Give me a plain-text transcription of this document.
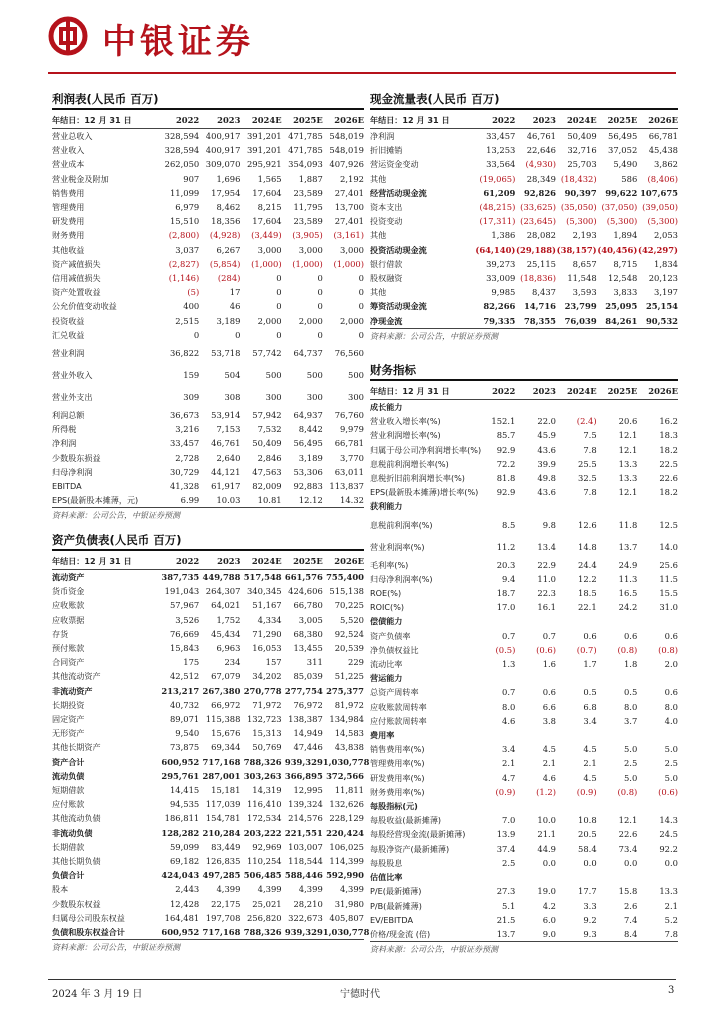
中银证券
利润表(人民币 百万)
年结日：12 月 31 日	2022	2023	2024E	2025E	2026E
营业总收入	328,594	400,917	391,201	471,785	548,019
营业收入	328,594	400,917	391,201	471,785	548,019
营业成本	262,050	309,070	295,921	354,093	407,926
营业税金及附加	907	1,696	1,565	1,887	2,192
销售费用	11,099	17,954	17,604	23,589	27,401
管理费用	6,979	8,462	8,215	11,795	13,700
研发费用	15,510	18,356	17,604	23,589	27,401
财务费用	(2,800)	(4,928)	(3,449)	(3,905)	(3,161)
其他收益	3,037	6,267	3,000	3,000	3,000
资产减值损失	(2,827)	(5,854)	(1,000)	(1,000)	(1,000)
信用减值损失	(1,146)	(284)	0	0	0
资产处置收益	(5)	17	0	0	0
公允价值变动收益	400	46	0	0	0
投资收益	2,515	3,189	2,000	2,000	2,000
汇兑收益	0	0	0	0	0
营业利润	36,822	53,718	57,742	64,737	76,560
营业外收入	159	504	500	500	500
营业外支出	309	308	300	300	300
利润总额	36,673	53,914	57,942	64,937	76,760
所得税	3,216	7,153	7,532	8,442	9,979
净利润	33,457	46,761	50,409	56,495	66,781
少数股东损益	2,728	2,640	2,846	3,189	3,770
归母净利润	30,729	44,121	47,563	53,306	63,011
EBITDA	41,328	61,917	82,009	92,883	113,837
EPS(最新股本摊薄，元)	6.99	10.03	10.81	12.12	14.32
资料来源：公司公告，中银证券预测
资产负债表(人民币 百万)
年结日：12 月 31 日	2022	2023	2024E	2025E	2026E
流动资产	387,735	449,788	517,548	661,576	755,400
货币资金	191,043	264,307	340,345	424,606	515,138
应收账款	57,967	64,021	51,167	66,780	70,225
应收票据	3,526	1,752	4,334	3,005	5,520
存货	76,669	45,434	71,290	68,380	92,524
预付账款	15,843	6,963	16,053	13,455	20,539
合同资产	175	234	157	311	229
其他流动资产	42,512	67,079	34,202	85,039	51,225
非流动资产	213,217	267,380	270,778	277,754	275,377
长期投资	40,732	66,972	71,972	76,972	81,972
固定资产	89,071	115,388	132,723	138,387	134,984
无形资产	9,540	15,676	15,313	14,949	14,583
其他长期资产	73,875	69,344	50,769	47,446	43,838
资产合计	600,952	717,168	788,326	939,329	1,030,778
流动负债	295,761	287,001	303,263	366,895	372,566
短期借款	14,415	15,181	14,319	12,995	11,811
应付账款	94,535	117,039	116,410	139,324	132,626
其他流动负债	186,811	154,781	172,534	214,576	228,129
非流动负债	128,282	210,284	203,222	221,551	220,424
长期借款	59,099	83,449	92,969	103,007	106,025
其他长期负债	69,182	126,835	110,254	118,544	114,399
负债合计	424,043	497,285	506,485	588,446	592,990
股本	2,443	4,399	4,399	4,399	4,399
少数股东权益	12,428	22,175	25,021	28,210	31,980
归属母公司股东权益	164,481	197,708	256,820	322,673	405,807
负债和股东权益合计	600,952	717,168	788,326	939,329	1,030,778
资料来源：公司公告，中银证券预测
现金流量表(人民币 百万)
年结日：12 月 31 日	2022	2023	2024E	2025E	2026E
净利润	33,457	46,761	50,409	56,495	66,781
折旧摊销	13,253	22,646	32,716	37,052	45,438
营运资金变动	33,564	(4,930)	25,703	5,490	3,862
其他	(19,065)	28,349	(18,432)	586	(8,406)
经营活动现金流	61,209	92,826	90,397	99,622	107,675
资本支出	(48,215)	(33,625)	(35,050)	(37,050)	(39,050)
投资变动	(17,311)	(23,645)	(5,300)	(5,300)	(5,300)
其他	1,386	28,082	2,193	1,894	2,053
投资活动现金流	(64,140)	(29,188)	(38,157)	(40,456)	(42,297)
银行借款	39,273	25,115	8,657	8,715	1,834
股权融资	33,009	(18,836)	11,548	12,548	20,123
其他	9,985	8,437	3,593	3,833	3,197
筹资活动现金流	82,266	14,716	23,799	25,095	25,154
净现金流	79,335	78,355	76,039	84,261	90,532
资料来源：公司公告，中银证券预测
财务指标
年结日：12 月 31 日	2022	2023	2024E	2025E	2026E
成长能力					
营业收入增长率(%)	152.1	22.0	(2.4)	20.6	16.2
营业利润增长率(%)	85.7	45.9	7.5	12.1	18.3
归属于母公司净利润增长率(%)	92.9	43.6	7.8	12.1	18.2
息税前利润增长率(%)	72.2	39.9	25.5	13.3	22.5
息税折旧前利润增长率(%)	81.8	49.8	32.5	13.3	22.6
EPS(最新股本摊薄)增长率(%)	92.9	43.6	7.8	12.1	18.2
获利能力					
息税前利润率(%)	8.5	9.8	12.6	11.8	12.5
营业利润率(%)	11.2	13.4	14.8	13.7	14.0
毛利率(%)	20.3	22.9	24.4	24.9	25.6
归母净利润率(%)	9.4	11.0	12.2	11.3	11.5
ROE(%)	18.7	22.3	18.5	16.5	15.5
ROIC(%)	17.0	16.1	22.1	24.2	31.0
偿债能力					
资产负债率	0.7	0.7	0.6	0.6	0.6
净负债权益比	(0.5)	(0.6)	(0.7)	(0.8)	(0.8)
流动比率	1.3	1.6	1.7	1.8	2.0
营运能力					
总资产周转率	0.7	0.6	0.5	0.5	0.6
应收账款周转率	8.0	6.6	6.8	8.0	8.0
应付账款周转率	4.6	3.8	3.4	3.7	4.0
费用率					
销售费用率(%)	3.4	4.5	4.5	5.0	5.0
管理费用率(%)	2.1	2.1	2.1	2.5	2.5
研发费用率(%)	4.7	4.6	4.5	5.0	5.0
财务费用率(%)	(0.9)	(1.2)	(0.9)	(0.8)	(0.6)
每股指标(元)					
每股收益(最新摊薄)	7.0	10.0	10.8	12.1	14.3
每股经营现金流(最新摊薄)	13.9	21.1	20.5	22.6	24.5
每股净资产(最新摊薄)	37.4	44.9	58.4	73.4	92.2
每股股息	2.5	0.0	0.0	0.0	0.0
估值比率					
P/E(最新摊薄)	27.3	19.0	17.7	15.8	13.3
P/B(最新摊薄)	5.1	4.2	3.3	2.6	2.1
EV/EBITDA	21.5	6.0	9.2	7.4	5.2
价格/现金流 (倍)	13.7	9.0	9.3	8.4	7.8
资料来源：公司公告，中银证券预测
2024 年 3 月 19 日	宁德时代	3
